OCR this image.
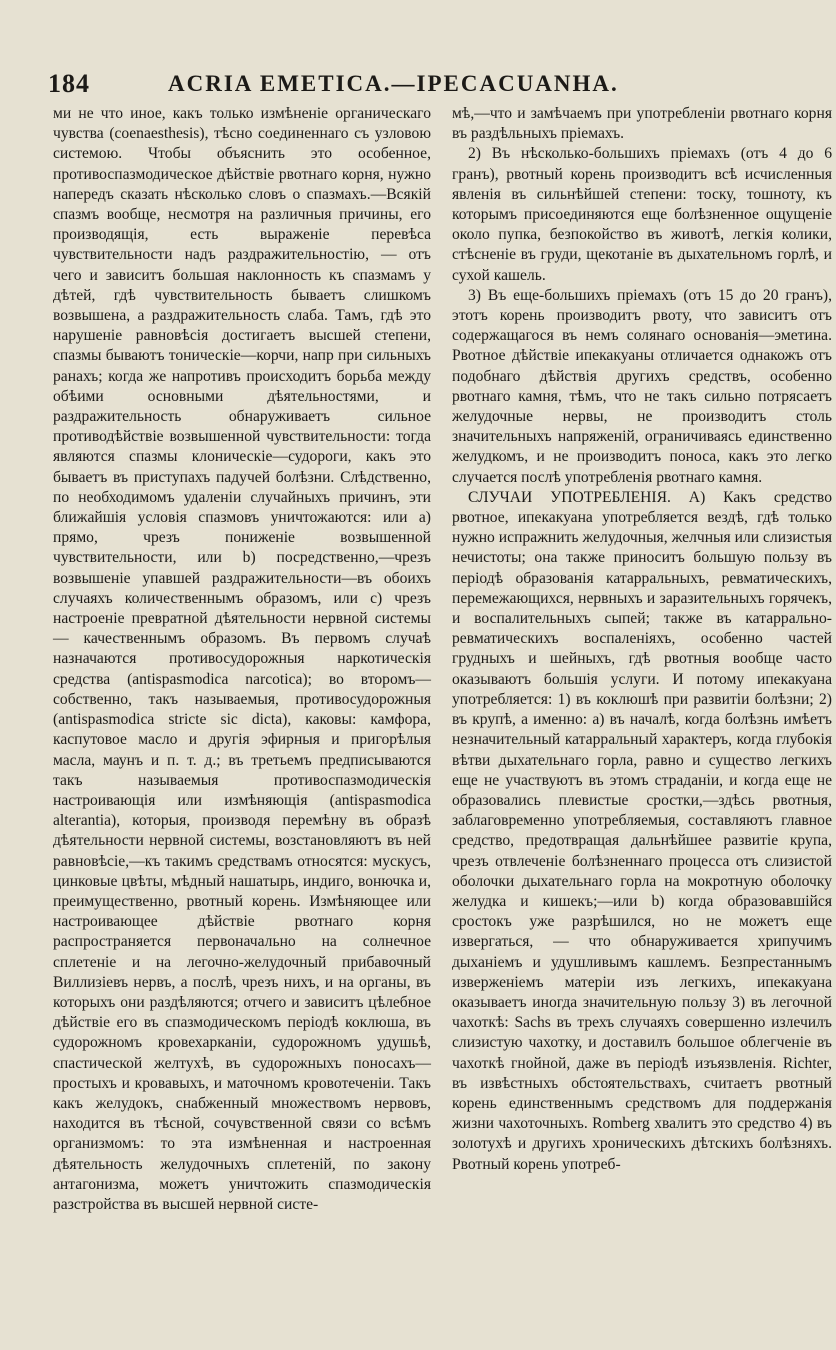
184	ACRIA EMETICA.—IPECACUANHA.

ми не что иное, какъ только измѣненіе органическаго чувства (coenaesthesis), тѣсно соединеннаго съ узловою системою. Чтобы объяснить это особенное, противоспазмодическое дѣйствіе рвотнаго корня, нужно напередъ сказать нѣсколько словъ о спазмахъ.—Всякій спазмъ вообще, несмотря на различныя причины, его производящія, есть выраженіе перевѣса чувствительности надъ раздражительностію, — отъ чего и зависитъ большая наклонность къ спазмамъ у дѣтей, гдѣ чувствительность бываетъ слишкомъ возвышена, а раздражительность слаба. Тамъ, гдѣ это нарушеніе равновѣсія достигаетъ высшей степени, спазмы бываютъ тоническіе—корчи, напр при сильныхъ ранахъ; когда же напротивъ происходитъ борьба между обѣими основными дѣятельностями, и раздражительность обнаруживаетъ сильное противодѣйствіе возвышенной чувствительности: тогда являются спазмы клоническіе—судороги, какъ это бываетъ въ приступахъ падучей болѣзни. Слѣдственно, по необходимомъ удаленіи случайныхъ причинъ, эти ближайшія условія спазмовъ уничтожаются: или а) прямо, чрезъ пониженіе возвышенной чувствительности, или b) посредственно,—чрезъ возвышеніе упавшей раздражительности—въ обоихъ случаяхъ количественнымъ образомъ, или с) чрезъ настроеніе превратной дѣятельности нервной системы — качественнымъ образомъ. Въ первомъ случаѣ назначаются противосудорожныя наркотическія средства (antispasmodica narcotica); во второмъ—собственно, такъ называемыя, противосудорожныя (antispasmodica stricte sic dicta), каковы: камфора, каспутовое масло и другія эфирныя и пригорѣлыя масла, маунъ и п. т. д.; въ третьемъ предписываются такъ называемыя противоспазмодическія настроивающія или измѣняющія (antispasmodica alterantia), которыя, производя перемѣну въ образѣ дѣятельности нервной системы, возстановляютъ въ ней равновѣсіе,—къ такимъ средствамъ относятся: мускусъ, цинковые цвѣты, мѣдный нашатырь, индиго, вонючка и, преимущественно, рвотный корень. Измѣняющее или настроивающее дѣйствіе рвотнаго корня распространяется первоначально на солнечное сплетеніе и на легочно-желудочный прибавочный Виллизіевъ нервъ, а послѣ, чрезъ нихъ, и на органы, въ которыхъ они раздѣляются; отчего и зависитъ цѣлебное дѣйствіе его въ спазмодическомъ періодѣ коклюша, въ судорожномъ кровехарканіи, судорожномъ удушьѣ, спастической желтухѣ, въ судорожныхъ поносахъ—простыхъ и кровавыхъ, и маточномъ кровотеченіи. Такъ какъ желудокъ, снабженный множествомъ нервовъ, находится въ тѣсной, сочувственной связи со всѣмъ организмомъ: то эта измѣненная и настроенная дѣятельность желудочныхъ сплетеній, по закону антагонизма, можетъ уничтожить спазмодическія разстройства въ высшей нервной систе-

мѣ,—что и замѣчаемъ при употребленіи рвотнаго корня въ раздѣльныхъ пріемахъ.

2) Въ нѣсколько-большихъ пріемахъ (отъ 4 до 6 гранъ), рвотный корень производитъ всѣ исчисленныя явленія въ сильнѣйшей степени: тоску, тошноту, къ которымъ присоединяются еще болѣзненное ощущеніе около пупка, безпокойство въ животѣ, легкія колики, стѣсненіе въ груди, щекотаніе въ дыхательномъ горлѣ, и сухой кашель.

3) Въ еще-большихъ пріемахъ (отъ 15 до 20 гранъ), этотъ корень производитъ рвоту, что зависитъ отъ содержащагося въ немъ солянаго основанія—эметина. Рвотное дѣйствіе ипекакуаны отличается однакожъ отъ подобнаго дѣйствія другихъ средствъ, особенно рвотнаго камня, тѣмъ, что не такъ сильно потрясаетъ желудочные нервы, не производитъ столь значительныхъ напряженій, ограничиваясь единственно желудкомъ, и не производитъ поноса, какъ это легко случается послѣ употребленія рвотнаго камня.

СЛУЧАИ УПОТРЕБЛЕНІЯ. А) Какъ средство рвотное, ипекакуана употребляется вездѣ, гдѣ только нужно испражнить желудочныя, желчныя или слизистыя нечистоты; она также приноситъ большую пользу въ періодѣ образованія катарральныхъ, ревматическихъ, перемежающихся, нервныхъ и заразительныхъ горячекъ, и воспалительныхъ сыпей; также въ катаррально-ревматическихъ воспаленіяхъ, особенно частей грудныхъ и шейныхъ, гдѣ рвотныя вообще часто оказываютъ большія услуги. И потому ипекакуана употребляется: 1) въ коклюшѣ при развитіи болѣзни; 2) въ крупѣ, а именно: а) въ началѣ, когда болѣзнь имѣетъ незначительный катарральный характеръ, когда глубокія вѣтви дыхательнаго горла, равно и существо легкихъ еще не участвуютъ въ этомъ страданіи, и когда еще не образовались плевистые сростки,—здѣсь рвотныя, заблаговременно употребляемыя, составляютъ главное средство, предотвращая дальнѣйшее развитіе крупа, чрезъ отвлеченіе болѣзненнаго процесса отъ слизистой оболочки дыхательнаго горла на мокротную оболочку желудка и кишекъ;—или b) когда образовавшійся сростокъ уже разрѣшился, но не можетъ еще извергаться, — что обнаруживается хрипучимъ дыханіемъ и удушливымъ кашлемъ. Безпрестаннымъ изверженіемъ матеріи изъ легкихъ, ипекакуана оказываетъ иногда значительную пользу 3) въ легочной чахоткѣ: Sachs въ трехъ случаяхъ совершенно излечилъ слизистую чахотку, и доставилъ большое облегченіе въ чахоткѣ гнойной, даже въ періодѣ изъязвленія. Richter, въ извѣстныхъ обстоятельствахъ, считаетъ рвотный корень единственнымъ средствомъ для поддержанія жизни чахоточныхъ. Romberg хвалитъ это средство 4) въ золотухѣ и другихъ хроническихъ дѣтскихъ болѣзняхъ. Рвотный корень употреб-
